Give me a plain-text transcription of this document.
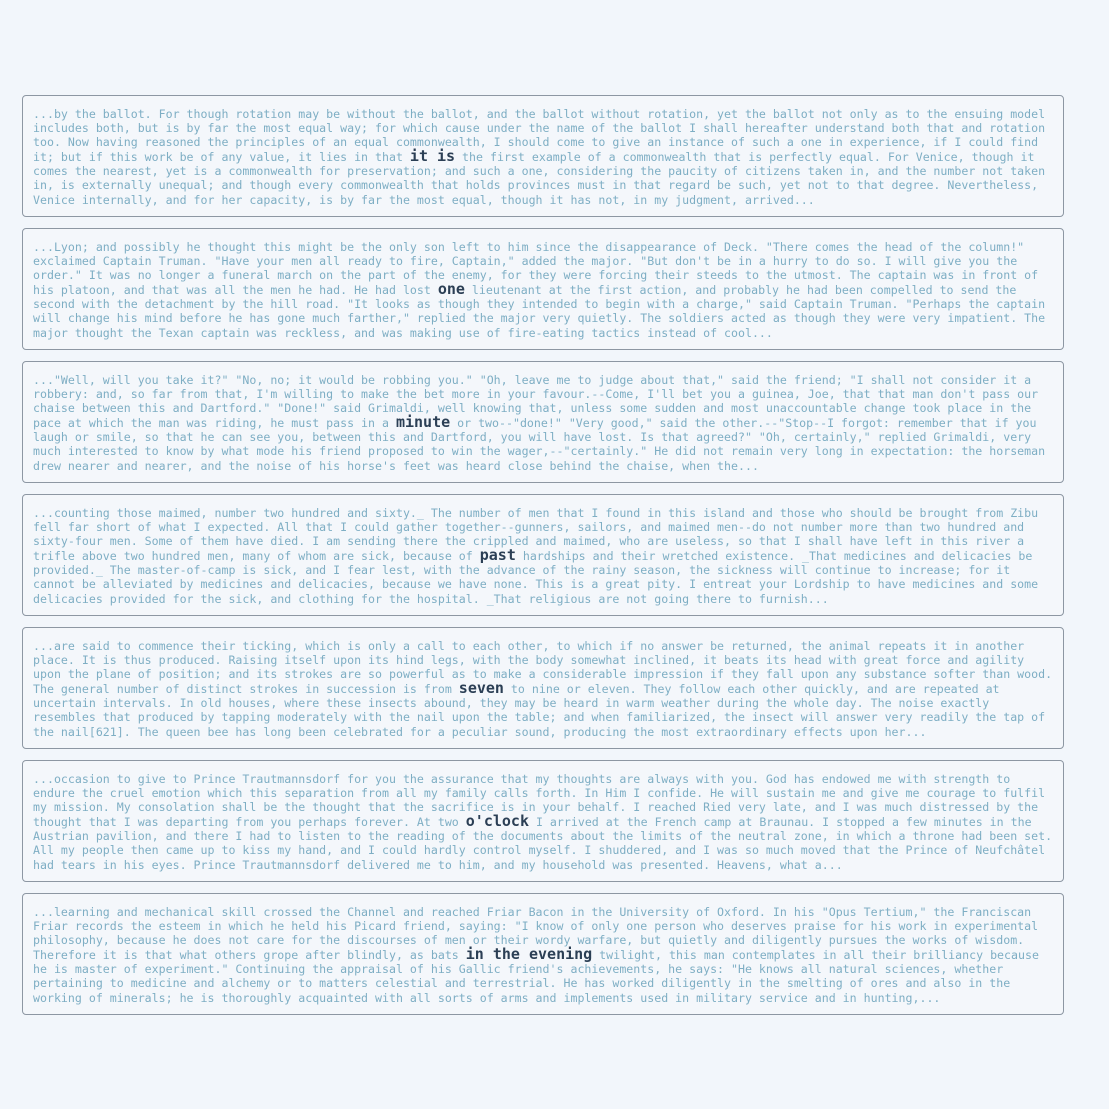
...by the ballot. For though rotation may be without the ballot, and the ballot without rotation, yet the ballot not only as to the ensuing model includes both, but is by far the most equal way; for which cause under the name of the ballot I shall hereafter understand both that and rotation too. Now having reasoned the principles of an equal commonwealth, I should come to give an instance of such a one in experience, if I could find it; but if this work be of any value, it lies in that it is the first example of a commonwealth that is perfectly equal. For Venice, though it comes the nearest, yet is a commonwealth for preservation; and such a one, considering the paucity of citizens taken in, and the number not taken in, is externally unequal; and though every commonwealth that holds provinces must in that regard be such, yet not to that degree. Nevertheless, Venice internally, and for her capacity, is by far the most equal, though it has not, in my judgment, arrived...

...Lyon; and possibly he thought this might be the only son left to him since the disappearance of Deck. "There comes the head of the column!" exclaimed Captain Truman. "Have your men all ready to fire, Captain," added the major. "But don't be in a hurry to do so. I will give you the order." It was no longer a funeral march on the part of the enemy, for they were forcing their steeds to the utmost. The captain was in front of his platoon, and that was all the men he had. He had lost one lieutenant at the first action, and probably he had been compelled to send the second with the detachment by the hill road. "It looks as though they intended to begin with a charge," said Captain Truman. "Perhaps the captain will change his mind before he has gone much farther," replied the major very quietly. The soldiers acted as though they were very impatient. The major thought the Texan captain was reckless, and was making use of fire-eating tactics instead of cool...

..."Well, will you take it?" "No, no; it would be robbing you." "Oh, leave me to judge about that," said the friend; "I shall not consider it a robbery: and, so far from that, I'm willing to make the bet more in your favour.--Come, I'll bet you a guinea, Joe, that that man don't pass our chaise between this and Dartford." "Done!" said Grimaldi, well knowing that, unless some sudden and most unaccountable change took place in the pace at which the man was riding, he must pass in a minute or two--"done!" "Very good," said the other.--"Stop--I forgot: remember that if you laugh or smile, so that he can see you, between this and Dartford, you will have lost. Is that agreed?" "Oh, certainly," replied Grimaldi, very much interested to know by what mode his friend proposed to win the wager,--"certainly." He did not remain very long in expectation: the horseman drew nearer and nearer, and the noise of his horse's feet was heard close behind the chaise, when the...

...counting those maimed, number two hundred and sixty._ The number of men that I found in this island and those who should be brought from Zibu fell far short of what I expected. All that I could gather together--gunners, sailors, and maimed men--do not number more than two hundred and sixty-four men. Some of them have died. I am sending there the crippled and maimed, who are useless, so that I shall have left in this river a trifle above two hundred men, many of whom are sick, because of past hardships and their wretched existence. _That medicines and delicacies be provided._ The master-of-camp is sick, and I fear lest, with the advance of the rainy season, the sickness will continue to increase; for it cannot be alleviated by medicines and delicacies, because we have none. This is a great pity. I entreat your Lordship to have medicines and some delicacies provided for the sick, and clothing for the hospital. _That religious are not going there to furnish...

...are said to commence their ticking, which is only a call to each other, to which if no answer be returned, the animal repeats it in another place. It is thus produced. Raising itself upon its hind legs, with the body somewhat inclined, it beats its head with great force and agility upon the plane of position; and its strokes are so powerful as to make a considerable impression if they fall upon any substance softer than wood. The general number of distinct strokes in succession is from seven to nine or eleven. They follow each other quickly, and are repeated at uncertain intervals. In old houses, where these insects abound, they may be heard in warm weather during the whole day. The noise exactly resembles that produced by tapping moderately with the nail upon the table; and when familiarized, the insect will answer very readily the tap of the nail[621]. The queen bee has long been celebrated for a peculiar sound, producing the most extraordinary effects upon her...

...occasion to give to Prince Trautmannsdorf for you the assurance that my thoughts are always with you. God has endowed me with strength to endure the cruel emotion which this separation from all my family calls forth. In Him I confide. He will sustain me and give me courage to fulfil my mission. My consolation shall be the thought that the sacrifice is in your behalf. I reached Ried very late, and I was much distressed by the thought that I was departing from you perhaps forever. At two o'clock I arrived at the French camp at Braunau. I stopped a few minutes in the Austrian pavilion, and there I had to listen to the reading of the documents about the limits of the neutral zone, in which a throne had been set. All my people then came up to kiss my hand, and I could hardly control myself. I shuddered, and I was so much moved that the Prince of Neufchâtel had tears in his eyes. Prince Trautmannsdorf delivered me to him, and my household was presented. Heavens, what a...

...learning and mechanical skill crossed the Channel and reached Friar Bacon in the University of Oxford. In his "Opus Tertium," the Franciscan Friar records the esteem in which he held his Picard friend, saying: "I know of only one person who deserves praise for his work in experimental philosophy, because he does not care for the discourses of men or their wordy warfare, but quietly and diligently pursues the works of wisdom. Therefore it is that what others grope after blindly, as bats in the evening twilight, this man contemplates in all their brilliancy because he is master of experiment." Continuing the appraisal of his Gallic friend's achievements, he says: "He knows all natural sciences, whether pertaining to medicine and alchemy or to matters celestial and terrestrial. He has worked diligently in the smelting of ores and also in the working of minerals; he is thoroughly acquainted with all sorts of arms and implements used in military service and in hunting,...
